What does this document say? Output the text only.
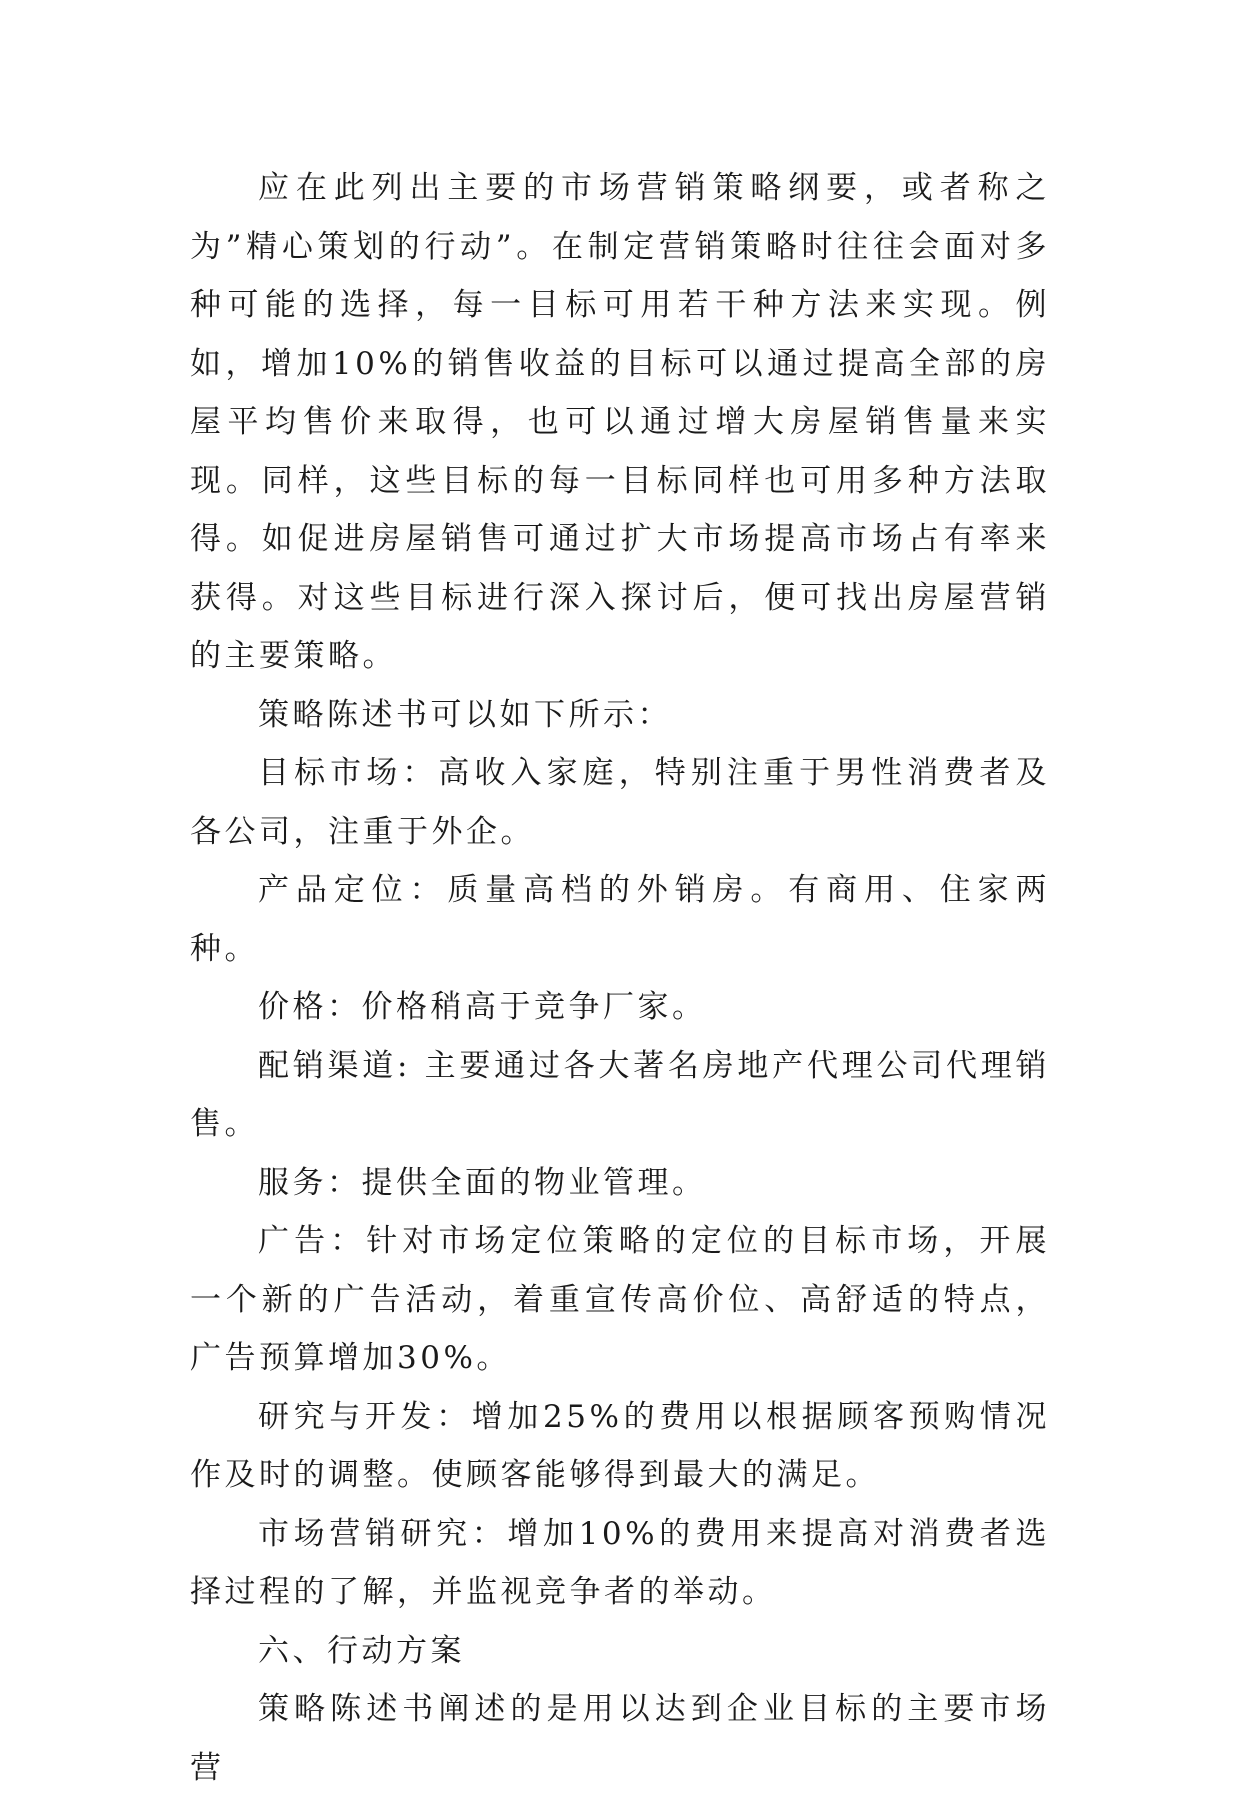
应在此列出主要的市场营销策略纲要，或者称之为”精心策划的行动”。在制定营销策略时往往会面对多种可能的选择，每一目标可用若干种方法来实现。例如，增加10%的销售收益的目标可以通过提高全部的房屋平均售价来取得，也可以通过增大房屋销售量来实现。同样，这些目标的每一目标同样也可用多种方法取得。如促进房屋销售可通过扩大市场提高市场占有率来获得。对这些目标进行深入探讨后，便可找出房屋营销的主要策略。

策略陈述书可以如下所示：

目标市场：高收入家庭，特别注重于男性消费者及各公司，注重于外企。

产品定位：质量高档的外销房。有商用、住家两种。

价格：价格稍高于竞争厂家。

配销渠道: 主要通过各大著名房地产代理公司代理销售。

服务：提供全面的物业管理。

广告：针对市场定位策略的定位的目标市场，开展一个新的广告活动，着重宣传高价位、高舒适的特点，广告预算增加30%。

研究与开发：增加25%的费用以根据顾客预购情况作及时的调整。使顾客能够得到最大的满足。

市场营销研究：增加10%的费用来提高对消费者选择过程的了解，并监视竞争者的举动。

六、行动方案

策略陈述书阐述的是用以达到企业目标的主要市场营
